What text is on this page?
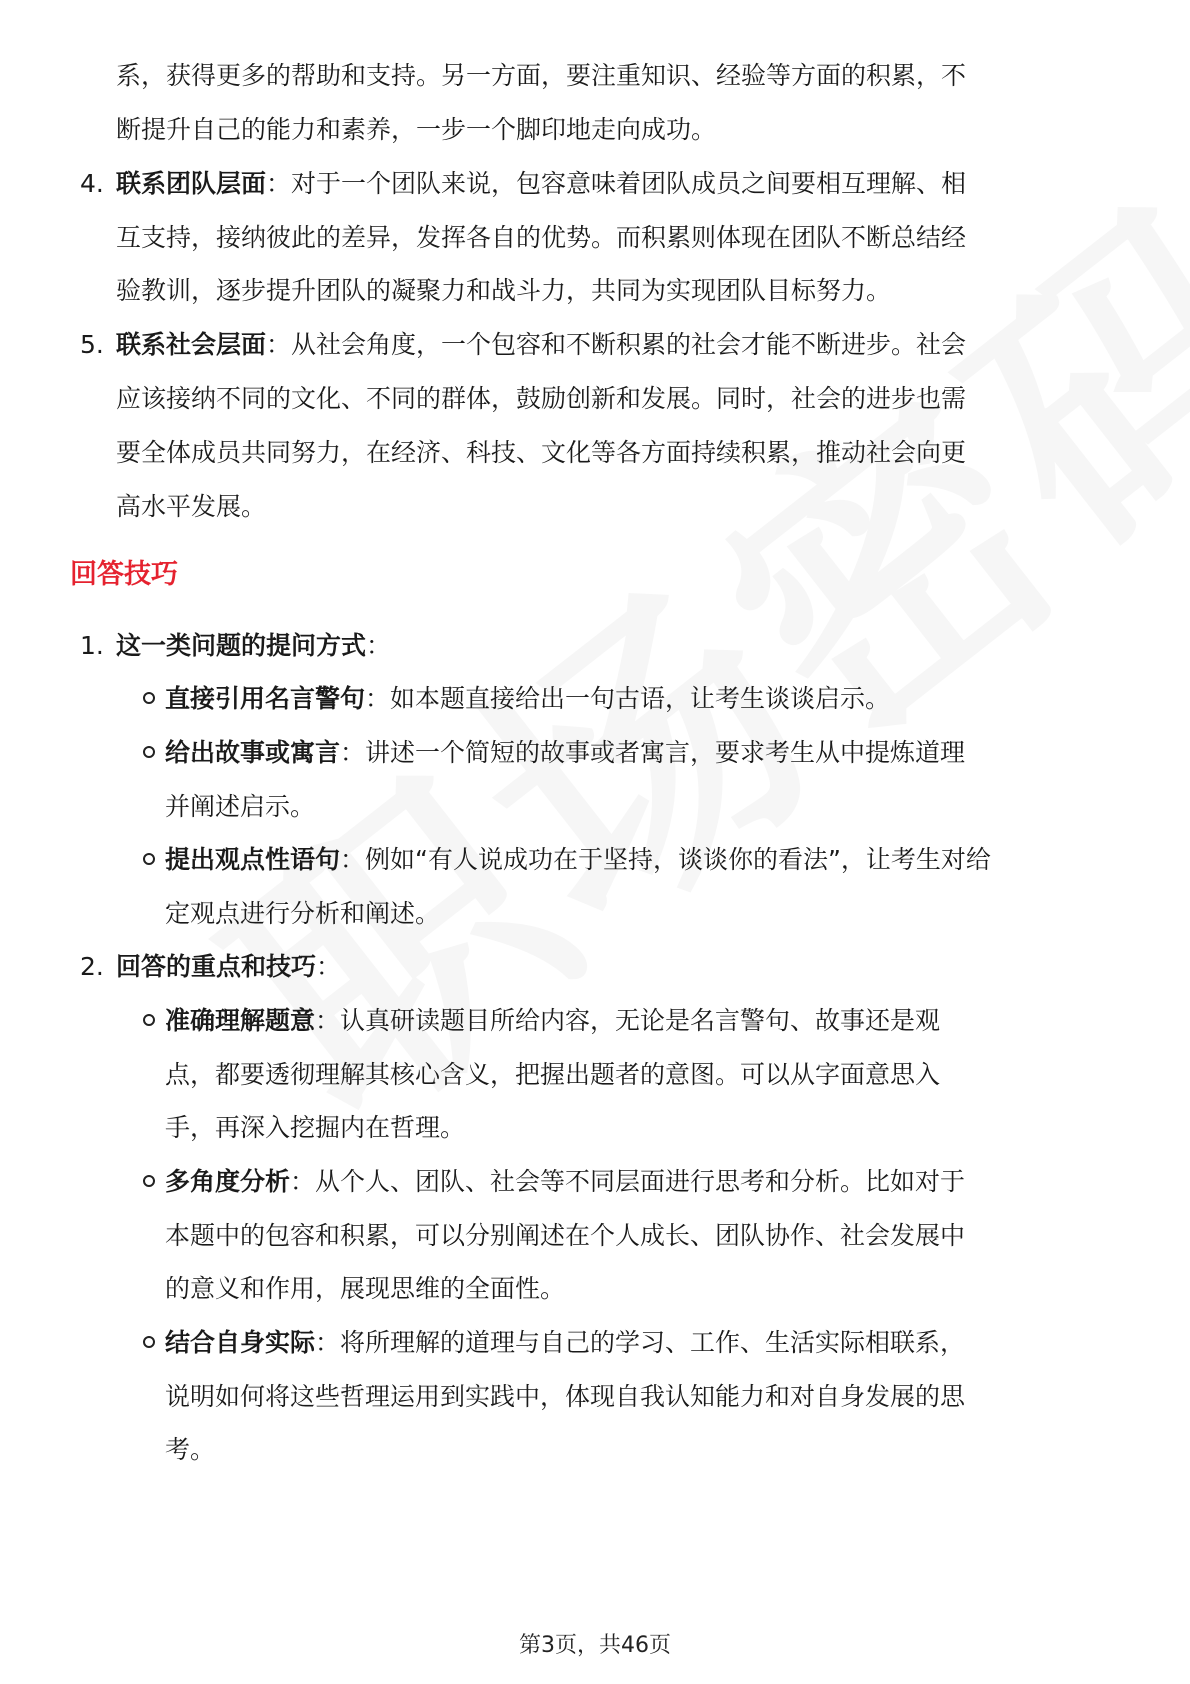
系，获得更多的帮助和支持。另一方面，要注重知识、经验等方面的积累，不
断提升自己的能力和素养，一步一个脚印地走向成功。
4. 联系团队层面：对于一个团队来说，包容意味着团队成员之间要相互理解、相
互支持，接纳彼此的差异，发挥各自的优势。而积累则体现在团队不断总结经
验教训，逐步提升团队的凝聚力和战斗力，共同为实现团队目标努力。
5. 联系社会层面：从社会角度，一个包容和不断积累的社会才能不断进步。社会
应该接纳不同的文化、不同的群体，鼓励创新和发展。同时，社会的进步也需
要全体成员共同努力，在经济、科技、文化等各方面持续积累，推动社会向更
高水平发展。
回答技巧
1. 这一类问题的提问方式：
直接引用名言警句：如本题直接给出一句古语，让考生谈谈启示。
给出故事或寓言：讲述一个简短的故事或者寓言，要求考生从中提炼道理
并阐述启示。
提出观点性语句：例如“有人说成功在于坚持，谈谈你的看法”，让考生对给
定观点进行分析和阐述。
2. 回答的重点和技巧：
准确理解题意：认真研读题目所给内容，无论是名言警句、故事还是观
点，都要透彻理解其核心含义，把握出题者的意图。可以从字面意思入
手，再深入挖掘内在哲理。
多角度分析：从个人、团队、社会等不同层面进行思考和分析。比如对于
本题中的包容和积累，可以分别阐述在个人成长、团队协作、社会发展中
的意义和作用，展现思维的全面性。
结合自身实际：将所理解的道理与自己的学习、工作、生活实际相联系，
说明如何将这些哲理运用到实践中，体现自我认知能力和对自身发展的思
考。
第3页，共46页
